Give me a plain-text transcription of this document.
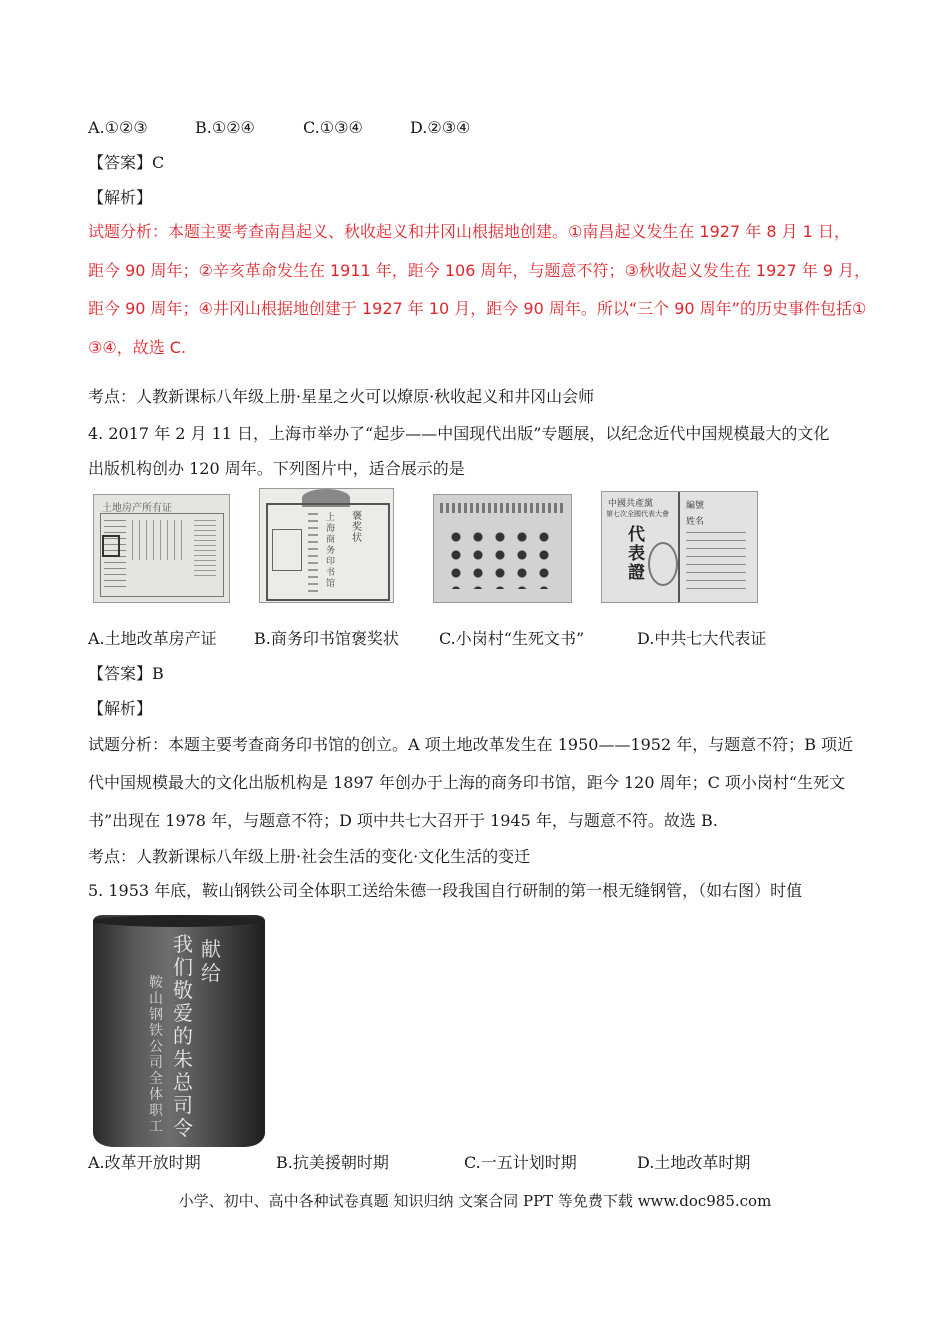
A.①②③	B.①②④	C.①③④	D.②③④
【答案】C
【解析】
试题分析：本题主要考查南昌起义、秋收起义和井冈山根据地创建。①南昌起义发生在 1927 年 8 月 1 日，
距今 90 周年；②辛亥革命发生在 1911 年，距今 106 周年，与题意不符；③秋收起义发生在 1927 年 9 月，
距今 90 周年；④井冈山根据地创建于 1927 年 10 月，距今 90 周年。所以“三个 90 周年”的历史事件包括①
③④，故选 C.
考点：人教新课标八年级上册·星星之火可以燎原·秋收起义和井冈山会师
4. 2017 年 2 月 11 日，上海市举办了“起步——中国现代出版”专题展，以纪念近代中国规模最大的文化
出版机构创办 120 周年。下列图片中，适合展示的是
土地房产所有证
褒奖状
上海商务印书馆
中國共產黨
第七次全國代表大會
代表證
編號
姓名
A.土地改革房产证 B.商务印书馆褒奖状	C.小岗村“生死文书”	D.中共七大代表证
【答案】B
【解析】
试题分析：本题主要考查商务印书馆的创立。A 项土地改革发生在 1950——1952 年，与题意不符；B 项近
代中国规模最大的文化出版机构是 1897 年创办于上海的商务印书馆，距今 120 周年；C 项小岗村“生死文
书”出现在 1978 年，与题意不符；D 项中共七大召开于 1945 年，与题意不符。故选 B.
考点：人教新课标八年级上册·社会生活的变化·文化生活的变迁
5. 1953 年底，鞍山钢铁公司全体职工送给朱德一段我国自行研制的第一根无缝钢管，（如右图）时值
献给
我们敬爱的朱总司令
鞍山钢铁公司全体职工
A.改革开放时期	B.抗美援朝时期	C.一五计划时期	D.土地改革时期
小学、初中、高中各种试卷真题 知识归纳 文案合同 PPT 等免费下载 www.doc985.com
